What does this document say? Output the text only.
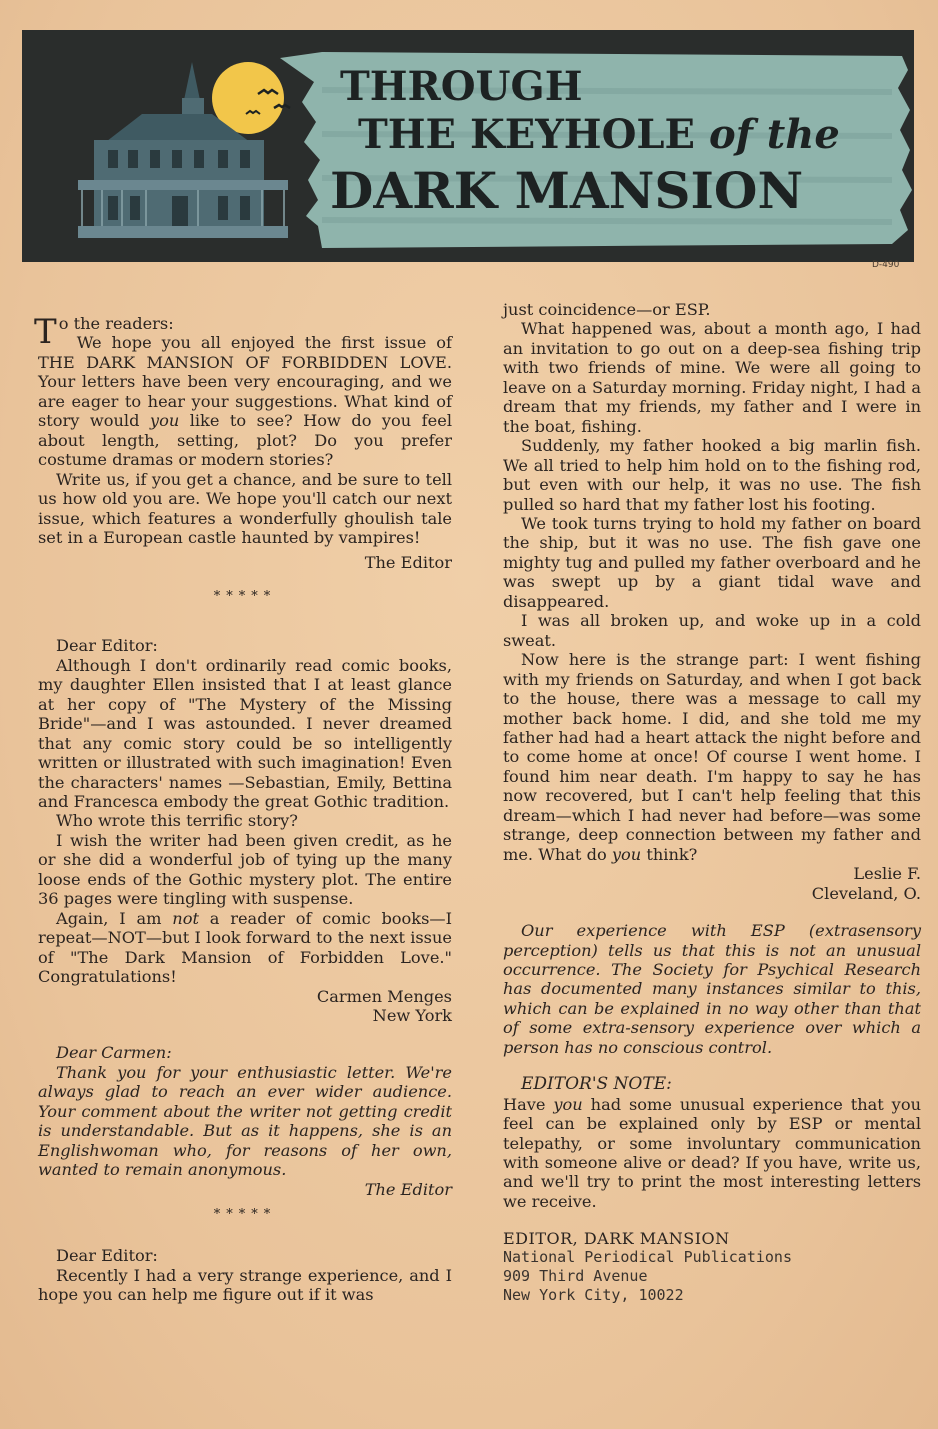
THROUGH
THE KEYHOLE of the
DARK MANSION
D-490

To the readers:

We hope you all enjoyed the first issue of THE DARK MANSION OF FORBIDDEN LOVE. Your letters have been very encouraging, and we are eager to hear your suggestions. What kind of story would you like to see? How do you feel about length, setting, plot? Do you prefer costume dramas or modern stories?

Write us, if you get a chance, and be sure to tell us how old you are. We hope you'll catch our next issue, which features a wonderfully ghoulish tale set in a European castle haunted by vampires!

The Editor
*****

Dear Editor:

Although I don't ordinarily read comic books, my daughter Ellen insisted that I at least glance at her copy of "The Mystery of the Missing Bride"—and I was astounded. I never dreamed that any comic story could be so intelligently written or illustrated with such imagination! Even the characters' names —Sebastian, Emily, Bettina and Francesca embody the great Gothic tradition.

Who wrote this terrific story?

I wish the writer had been given credit, as he or she did a wonderful job of tying up the many loose ends of the Gothic mystery plot. The entire 36 pages were tingling with suspense.

Again, I am not a reader of comic books—I repeat—NOT—but I look forward to the next issue of "The Dark Mansion of Forbidden Love." Congratulations!

Carmen Menges
New York

Dear Carmen:

Thank you for your enthusiastic letter. We're always glad to reach an ever wider audience. Your comment about the writer not getting credit is understandable. But as it happens, she is an Englishwoman who, for reasons of her own, wanted to remain anonymous.

The Editor
*****

Dear Editor:

Recently I had a very strange experience, and I hope you can help me figure out if it was

just coincidence—or ESP.

What happened was, about a month ago, I had an invitation to go out on a deep-sea fishing trip with two friends of mine. We were all going to leave on a Saturday morning. Friday night, I had a dream that my friends, my father and I were in the boat, fishing.

Suddenly, my father hooked a big marlin fish. We all tried to help him hold on to the fishing rod, but even with our help, it was no use. The fish pulled so hard that my father lost his footing.

We took turns trying to hold my father on board the ship, but it was no use. The fish gave one mighty tug and pulled my father overboard and he was swept up by a giant tidal wave and disappeared.

I was all broken up, and woke up in a cold sweat.

Now here is the strange part: I went fishing with my friends on Saturday, and when I got back to the house, there was a message to call my mother back home. I did, and she told me my father had had a heart attack the night before and to come home at once! Of course I went home. I found him near death. I'm happy to say he has now recovered, but I can't help feeling that this dream—which I had never had before—was some strange, deep connection between my father and me. What do you think?

Leslie F.
Cleveland, O.

Our experience with ESP (extrasensory perception) tells us that this is not an unusual occurrence. The Society for Psychical Research has documented many instances similar to this, which can be explained in no way other than that of some extra-sensory experience over which a person has no conscious control.

EDITOR'S NOTE:

Have you had some unusual experience that you feel can be explained only by ESP or mental telepathy, or some involuntary communication with someone alive or dead? If you have, write us, and we'll try to print the most interesting letters we receive.

EDITOR, DARK MANSION
National Periodical Publications
909 Third Avenue
New York City, 10022
